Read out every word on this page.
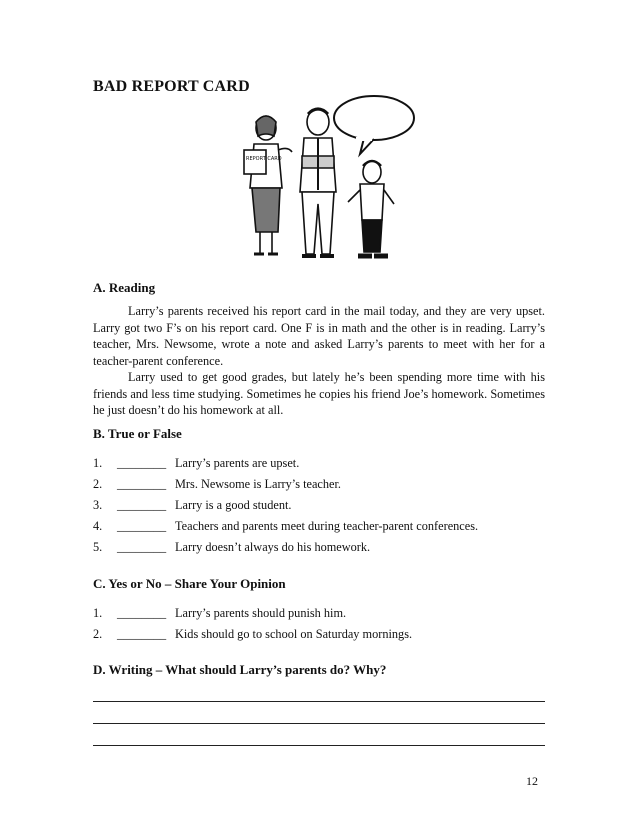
BAD REPORT CARD
REPORT CARD
A. Reading

Larry’s parents received his report card in the mail today, and they are very upset. Larry got two F’s on his report card. One F is in math and the other is in reading. Larry’s teacher, Mrs. Newsome, wrote a note and asked Larry’s parents to meet with her for a teacher-parent conference.

Larry used to get good grades, but lately he’s been spending more time with his friends and less time studying. Sometimes he copies his friend Joe’s homework. Sometimes he just doesn’t do his homework at all.

B. True or False
1. ________ Larry’s parents are upset.
2. ________ Mrs. Newsome is Larry’s teacher.
3. ________ Larry is a good student.
4. ________ Teachers and parents meet during teacher-parent conferences.
5. ________ Larry doesn’t always do his homework.
C. Yes or No – Share Your Opinion
1. ________ Larry’s parents should punish him.
2. ________ Kids should go to school on Saturday mornings.
D. Writing – What should Larry’s parents do? Why?
12
